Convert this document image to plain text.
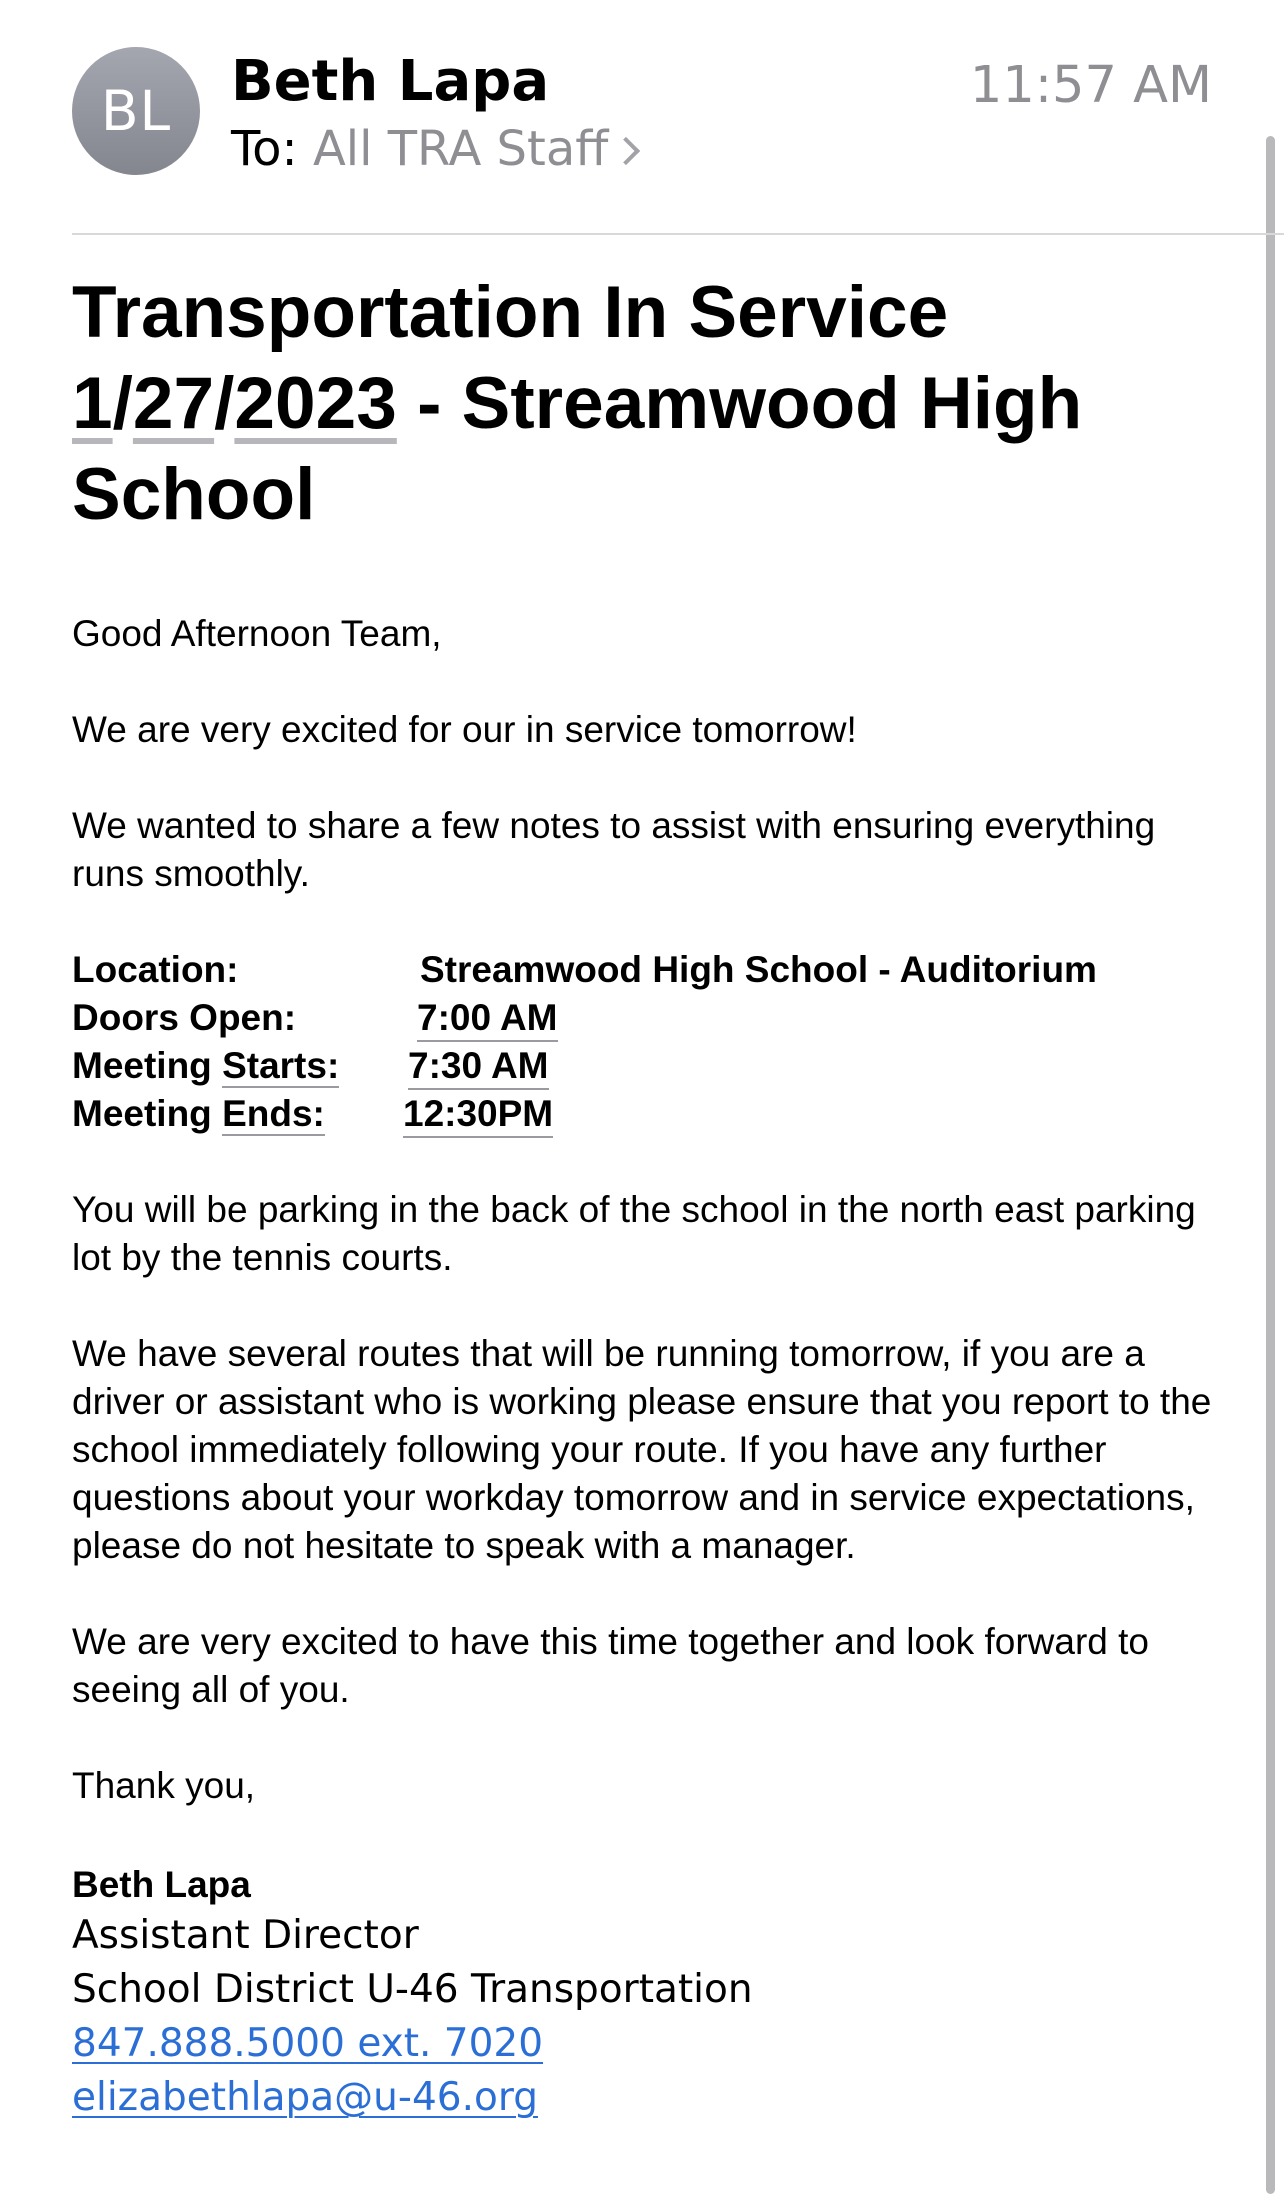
BL	Beth Lapa
To: All TRA Staff
11:57 AM
Transportation In Service
1/27/2023 - Streamwood High School

Good Afternoon Team,

We are very excited for our in service tomorrow!

We wanted to share a few notes to assist with ensuring everything runs smoothly.

Location:	Streamwood High School - Auditorium
Doors Open:	7:00 AM
Meeting Starts:	7:30 AM
Meeting Ends:	12:30PM

You will be parking in the back of the school in the north east parking lot by the tennis courts.

We have several routes that will be running tomorrow, if you are a driver or assistant who is working please ensure that you report to the school immediately following your route. If you have any further questions about your workday tomorrow and in service expectations, please do not hesitate to speak with a manager.

We are very excited to have this time together and look forward to seeing all of you.

Thank you,

Beth Lapa
Assistant Director
School District U-46 Transportation
847.888.5000 ext. 7020
elizabethlapa@u-46.org
